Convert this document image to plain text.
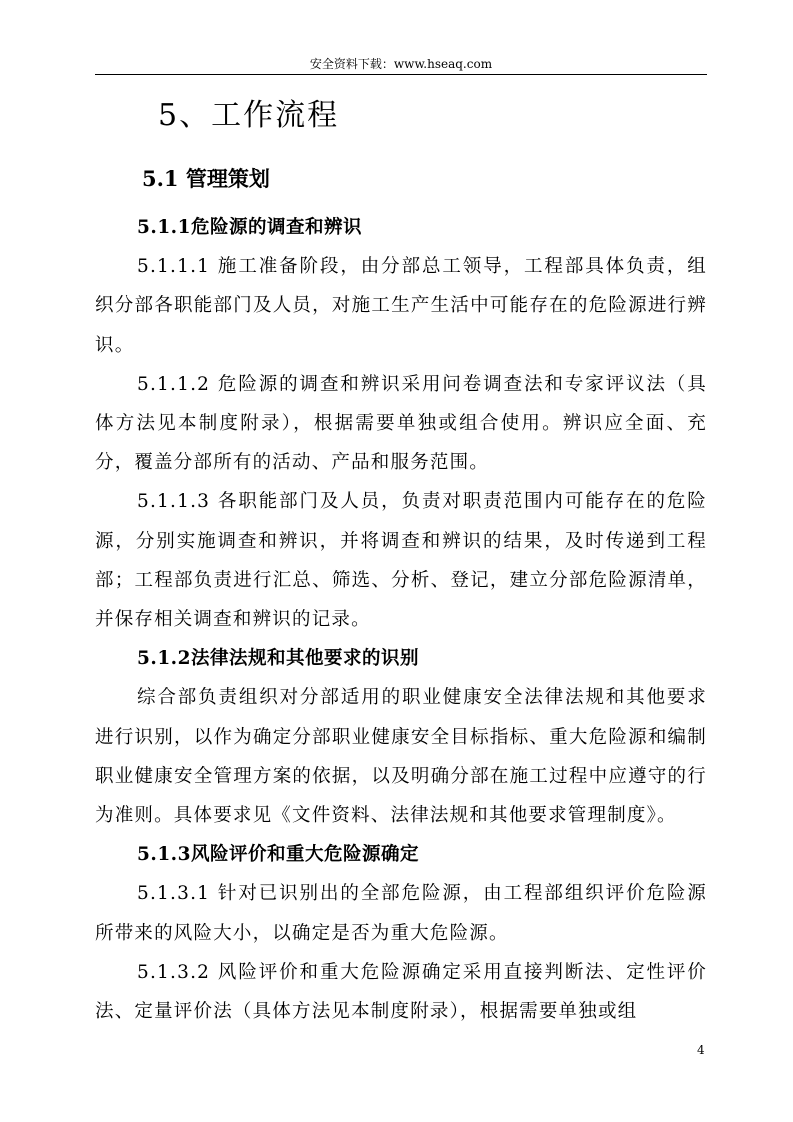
安全资料下载：www.hseaq.com
5、工作流程
5.1 管理策划
5.1.1危险源的调查和辨识
5.1.1.1 施工准备阶段，由分部总工领导，工程部具体负责，组织分部各职能部门及人员，对施工生产生活中可能存在的危险源进行辨识。
5.1.1.2 危险源的调查和辨识采用问卷调查法和专家评议法（具体方法见本制度附录），根据需要单独或组合使用。辨识应全面、充分，覆盖分部所有的活动、产品和服务范围。
5.1.1.3 各职能部门及人员，负责对职责范围内可能存在的危险源，分别实施调查和辨识，并将调查和辨识的结果，及时传递到工程部；工程部负责进行汇总、筛选、分析、登记，建立分部危险源清单，并保存相关调查和辨识的记录。
5.1.2法律法规和其他要求的识别
综合部负责组织对分部适用的职业健康安全法律法规和其他要求进行识别，以作为确定分部职业健康安全目标指标、重大危险源和编制职业健康安全管理方案的依据，以及明确分部在施工过程中应遵守的行为准则。具体要求见《文件资料、法律法规和其他要求管理制度》。
5.1.3风险评价和重大危险源确定
5.1.3.1 针对已识别出的全部危险源，由工程部组织评价危险源所带来的风险大小，以确定是否为重大危险源。
5.1.3.2 风险评价和重大危险源确定采用直接判断法、定性评价法、定量评价法（具体方法见本制度附录），根据需要单独或组
4
